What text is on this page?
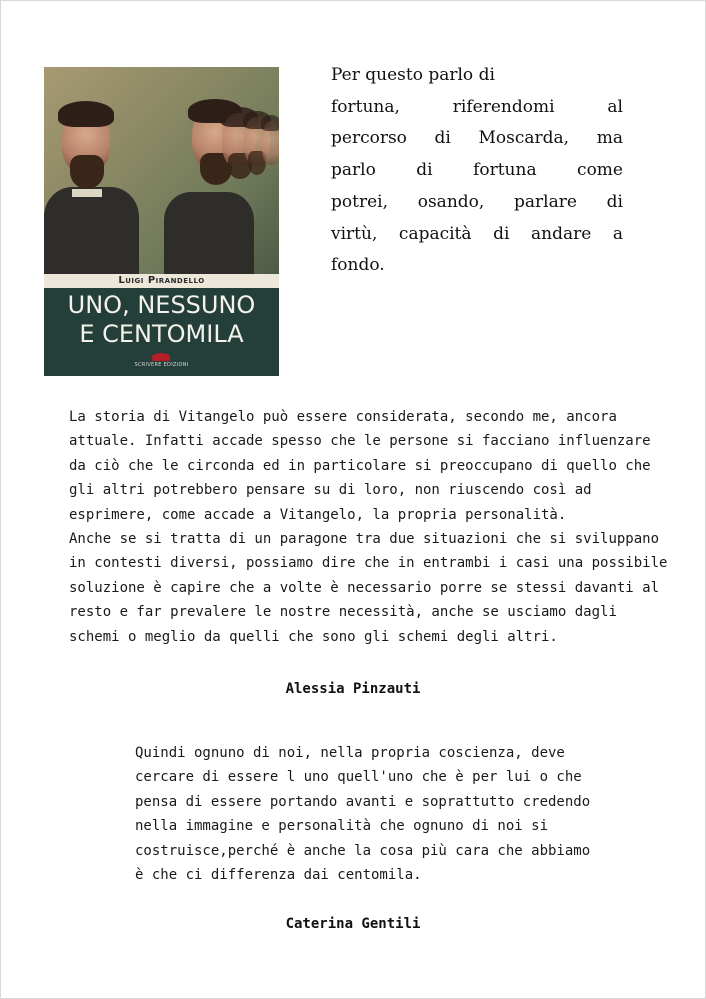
Luigi Pirandello
UNO, NESSUNO
E CENTOMILA
SCRIVERE EDIZIONI

Per questo parlo di
fortuna, riferendomi al
percorso di Moscarda, ma
parlo di fortuna come
potrei, osando, parlare di
virtù, capacità di andare a
fondo.

La storia di Vitangelo può essere considerata, secondo me, ancora
attuale. Infatti accade spesso che le persone si facciano influenzare
da ciò che le circonda ed in particolare si preoccupano di quello che
gli altri potrebbero pensare su di loro, non riuscendo così ad
esprimere, come accade a Vitangelo, la propria personalità.

Anche se si tratta di un paragone tra due situazioni che si sviluppano
in contesti diversi, possiamo dire che in entrambi i casi una possibile
soluzione è capire che a volte è necessario porre se stessi davanti al
resto e far prevalere le nostre necessità, anche se usciamo dagli
schemi o meglio da quelli che sono gli schemi degli altri.

Alessia Pinzauti

Quindi ognuno di noi, nella propria coscienza, deve
cercare di essere l uno quell'uno che è per lui o che
pensa di essere portando avanti e soprattutto credendo
nella immagine e personalità che ognuno di noi si
costruisce,perché è anche la cosa più cara che abbiamo
è che ci differenza dai centomila.

Caterina Gentili
